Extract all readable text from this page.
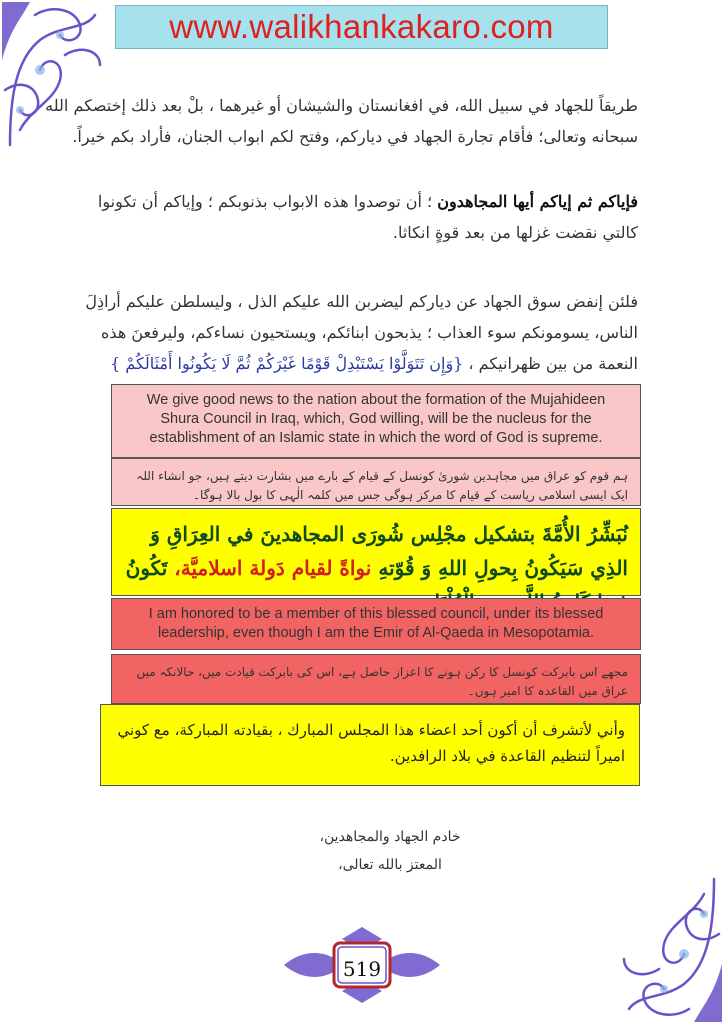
www.walikhankakaro.com
طريقاً للجهاد في سبيل الله، في افغانستان والشيشان أو غيرهما ، بلْ بعد ذلك إختصكم الله
سبحانه وتعالى؛ فأقام تجارة الجهاد في دياركم، وفتح لكم ابواب الجنان، فأراد بكم خيراً.
فإياكم ثم إياكم أيها المجاهدون ؛ أن توصدوا هذه الابواب بذنوبكم ؛ وإياكم أن تكونوا
كالتي نقضت غزلها من بعد قوةٍ انكاثا.
فلئن إنفض سوق الجهاد عن دياركم ليضربن الله عليكم الذل ، وليسلطن عليكم أراذِلَ
الناس، يسومونكم سوء العذاب ؛ يذبحون ابنائكم، ويستحيون نساءكم، وليرفعنَ هذه
النعمة من بين ظهرانيكم ، {وَإِن تَتَوَلَّوْا يَسْتَبْدِلْ قَوْمًا غَيْرَكُمْ ثُمَّ لَا يَكُونُوا أَمْثَالَكُمْ }
We give good news to the nation about the formation of the Mujahideen Shura Council in Iraq, which, God willing, will be the nucleus for the establishment of an Islamic state in which the word of God is supreme.
ہم قوم کو عراق میں مجاہدین شوریٰ کونسل کے قیام کے بارے میں بشارت دیتے ہیں، جو انشاء اللہ ایک ایسی اسلامی ریاست کے قیام کا مرکز ہوگی جس میں کلمہ الٰہی کا بول بالا ہوگا۔
نُبَشِّرُ الأُمَّةَ بتشكيل مجْلِس شُورَى المجاهدينَ في العِرَاقِ وَ الذِي سَيَكُونُ بِحولِ اللهِ وَ قُوّتهِ نواةً لقيام دَولة اسلاميَّة، تَكُونُ
I am honored to be a member of this blessed council, under its blessed leadership, even though I am the Emir of Al-Qaeda in Mesopotamia.
مجھے اس بابرکت کونسل کا رکن ہونے کا اعزاز حاصل ہے، اس کی بابرکت قیادت میں، حالانکہ میں عراق میں القاعدہ کا امیر ہوں۔
وأني لأتشرف أن أكون أحد اعضاء هذا المجلس المبارك ، بقيادته المباركة، مع كوني اميراً لتنظيم القاعدة في بلاد الرافدين.
خادم الجهاد والمجاهدين،
المعتز بالله تعالى،
519
